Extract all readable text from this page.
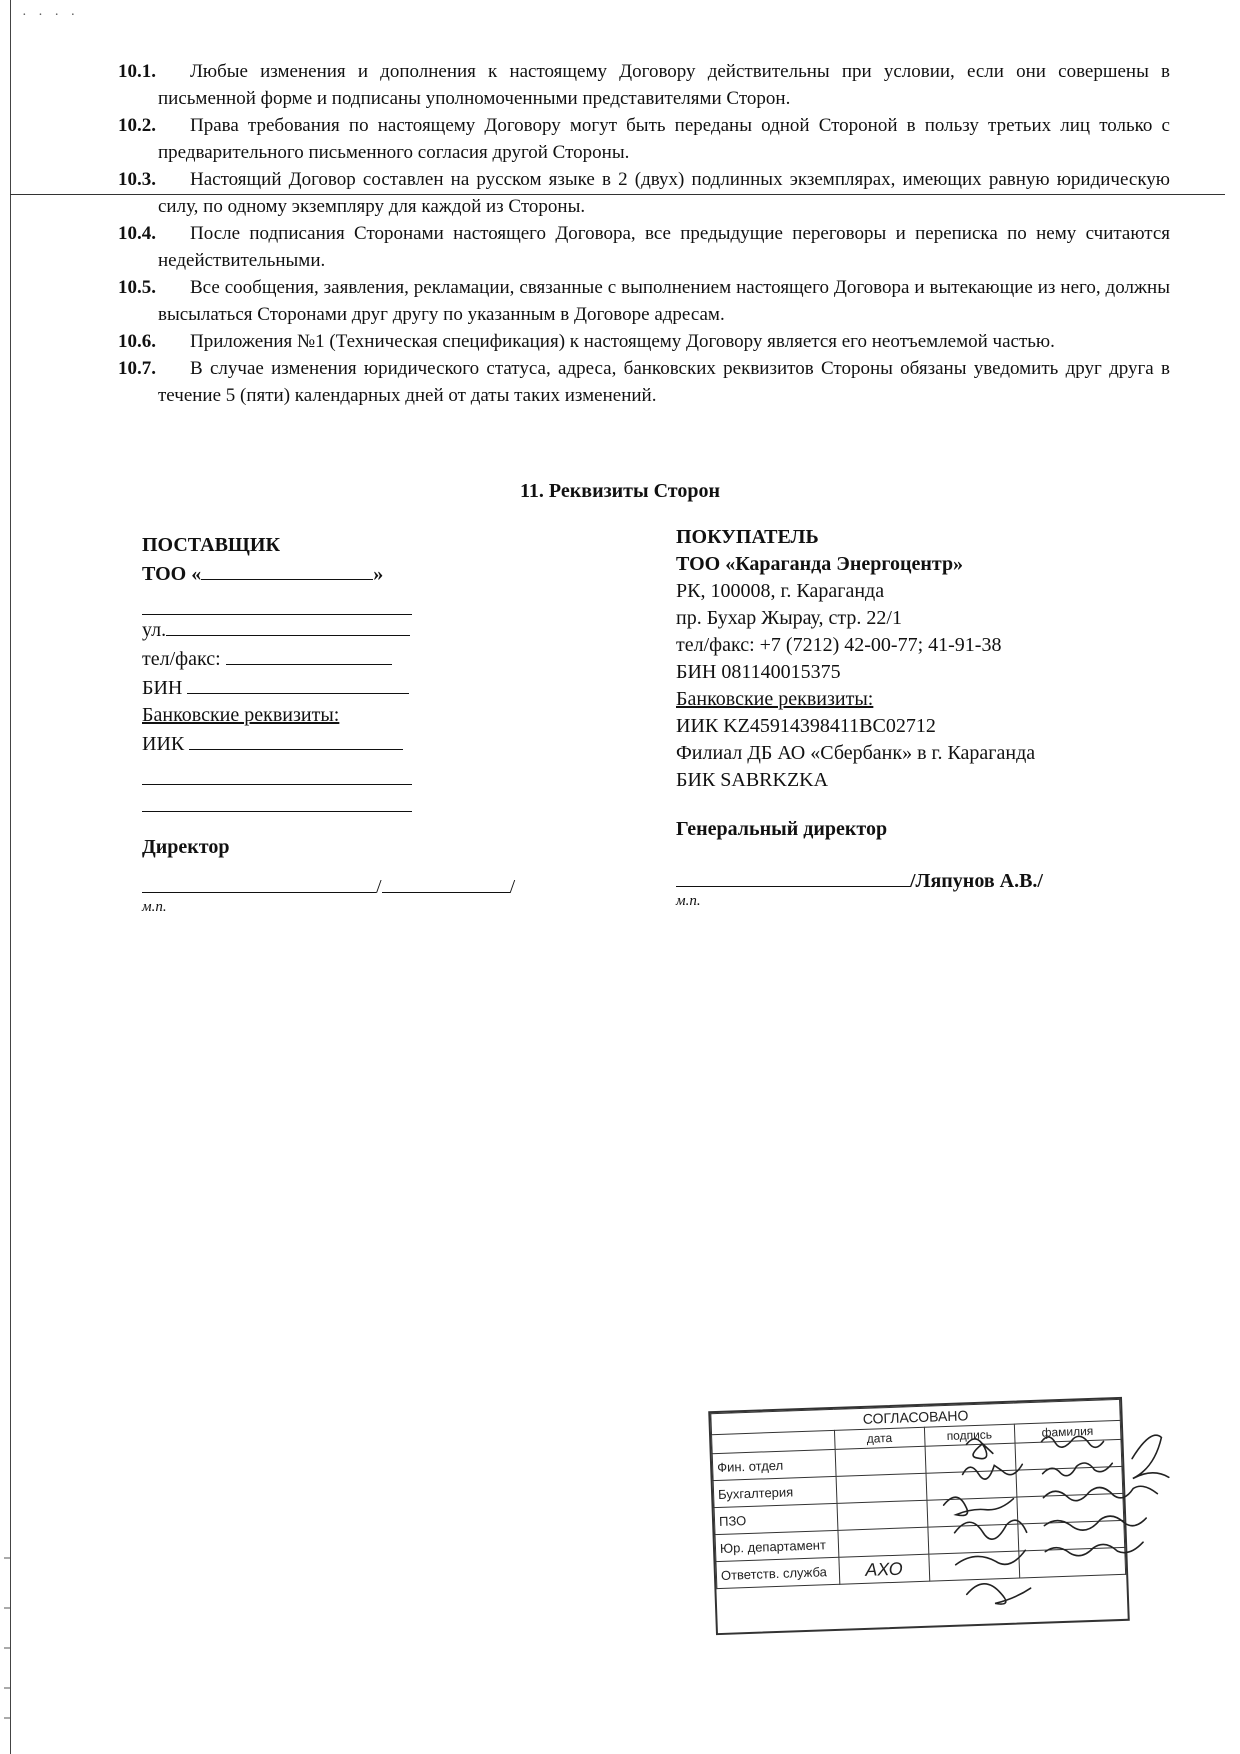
· · · ·
10.1.	Любые изменения и дополнения к настоящему Договору действительны при условии, если они совершены в письменной форме и подписаны уполномоченными представителями Сторон.
10.2.	Права требования по настоящему Договору могут быть переданы одной Стороной в пользу третьих лиц только с предварительного письменного согласия другой Стороны.
10.3.	Настоящий Договор составлен на русском языке в 2 (двух) подлинных экземплярах, имеющих равную юридическую силу, по одному экземпляру для каждой из Стороны.
10.4.	После подписания Сторонами настоящего Договора, все предыдущие переговоры и переписка по нему считаются недействительными.
10.5.	Все сообщения, заявления, рекламации, связанные с выполнением настоящего Договора и вытекающие из него, должны высылаться Сторонами друг другу по указанным в Договоре адресам.
10.6.	Приложения №1 (Техническая спецификация) к настоящему Договору является его неотъемлемой частью.
10.7.	В случае изменения юридического статуса, адреса, банковских реквизитов Стороны обязаны уведомить друг друга в течение 5 (пяти) календарных дней от даты таких изменений.
11. Реквизиты Сторон
ПОСТАВЩИК
ТОО «	»
ул.
тел/факс:
БИН
Банковские реквизиты:
ИИК
Директор
/	/
м.п.
ПОКУПАТЕЛЬ
ТОО «Караганда Энергоцентр»
РК, 100008, г. Караганда
пр. Бухар Жырау, стр. 22/1
тел/факс: +7 (7212) 42-00-77; 41-91-38
БИН 081140015375
Банковские реквизиты:
ИИК KZ45914398411BC02712
Филиал ДБ АО «Сбербанк» в г. Караганда
БИК SABRKZKA
Генеральный директор
/Ляпунов А.В./
м.п.
СОГЛАСОВАНО			
	дата	подпись	фамилия
Фин. отдел			
Бухгалтерия			
ПЗО			
Юр. департамент			
Ответств. служба	АХО		
